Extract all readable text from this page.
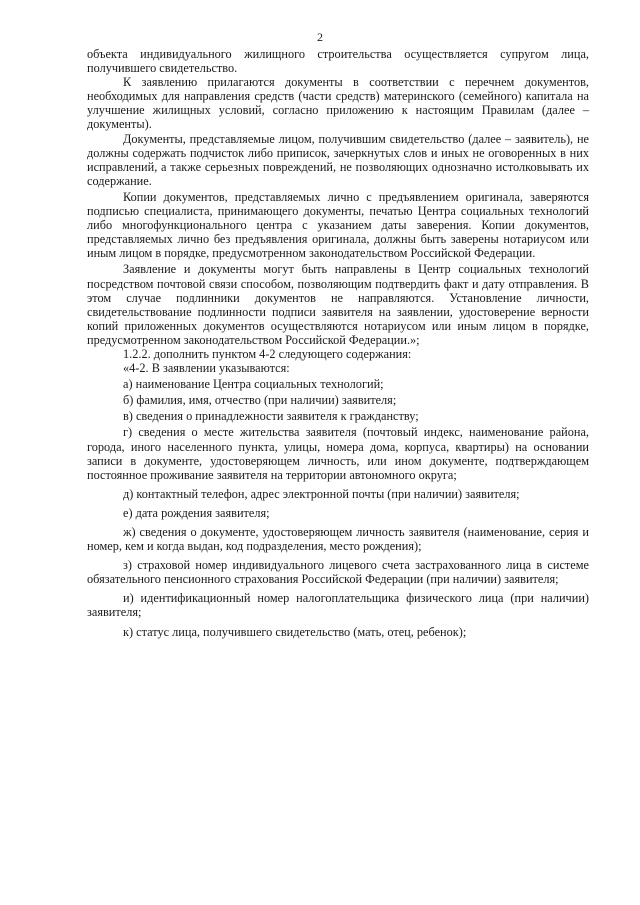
2

объекта индивидуального жилищного строительства осуществляется супругом лица, получившего свидетельство.

К заявлению прилагаются документы в соответствии с перечнем документов, необходимых для направления средств (части средств) материнского (семейного) капитала на улучшение жилищных условий, согласно приложению к настоящим Правилам (далее – документы).

Документы, представляемые лицом, получившим свидетельство (далее – заявитель), не должны содержать подчисток либо приписок, зачеркнутых слов и иных не оговоренных в них исправлений, а также серьезных повреждений, не позволяющих однозначно истолковывать их содержание.

Копии документов, представляемых лично с предъявлением оригинала, заверяются подписью специалиста, принимающего документы, печатью Центра социальных технологий либо многофункционального центра с указанием даты заверения. Копии документов, представляемых лично без предъявления оригинала, должны быть заверены нотариусом или иным лицом в порядке, предусмотренном законодательством Российской Федерации.

Заявление и документы могут быть направлены в Центр социальных технологий посредством почтовой связи способом, позволяющим подтвердить факт и дату отправления. В этом случае подлинники документов не направляются. Установление личности, свидетельствование подлинности подписи заявителя на заявлении, удостоверение верности копий приложенных документов осуществляются нотариусом или иным лицом в порядке, предусмотренном законодательством Российской Федерации.»;

1.2.2. дополнить пунктом 4-2 следующего содержания:

«4-2. В заявлении указываются:

а) наименование Центра социальных технологий;

б) фамилия, имя, отчество (при наличии) заявителя;

в) сведения о принадлежности заявителя к гражданству;

г) сведения о месте жительства заявителя (почтовый индекс, наименование района, города, иного населенного пункта, улицы, номера дома, корпуса, квартиры) на основании записи в документе, удостоверяющем личность, или ином документе, подтверждающем постоянное проживание заявителя на территории автономного округа;

д) контактный телефон, адрес электронной почты (при наличии) заявителя;

е) дата рождения заявителя;

ж) сведения о документе, удостоверяющем личность заявителя (наименование, серия и номер, кем и когда выдан, код подразделения, место рождения);

з) страховой номер индивидуального лицевого счета застрахованного лица в системе обязательного пенсионного страхования Российской Федерации (при наличии) заявителя;

и) идентификационный номер налогоплательщика физического лица (при наличии) заявителя;

к) статус лица, получившего свидетельство (мать, отец, ребенок);
